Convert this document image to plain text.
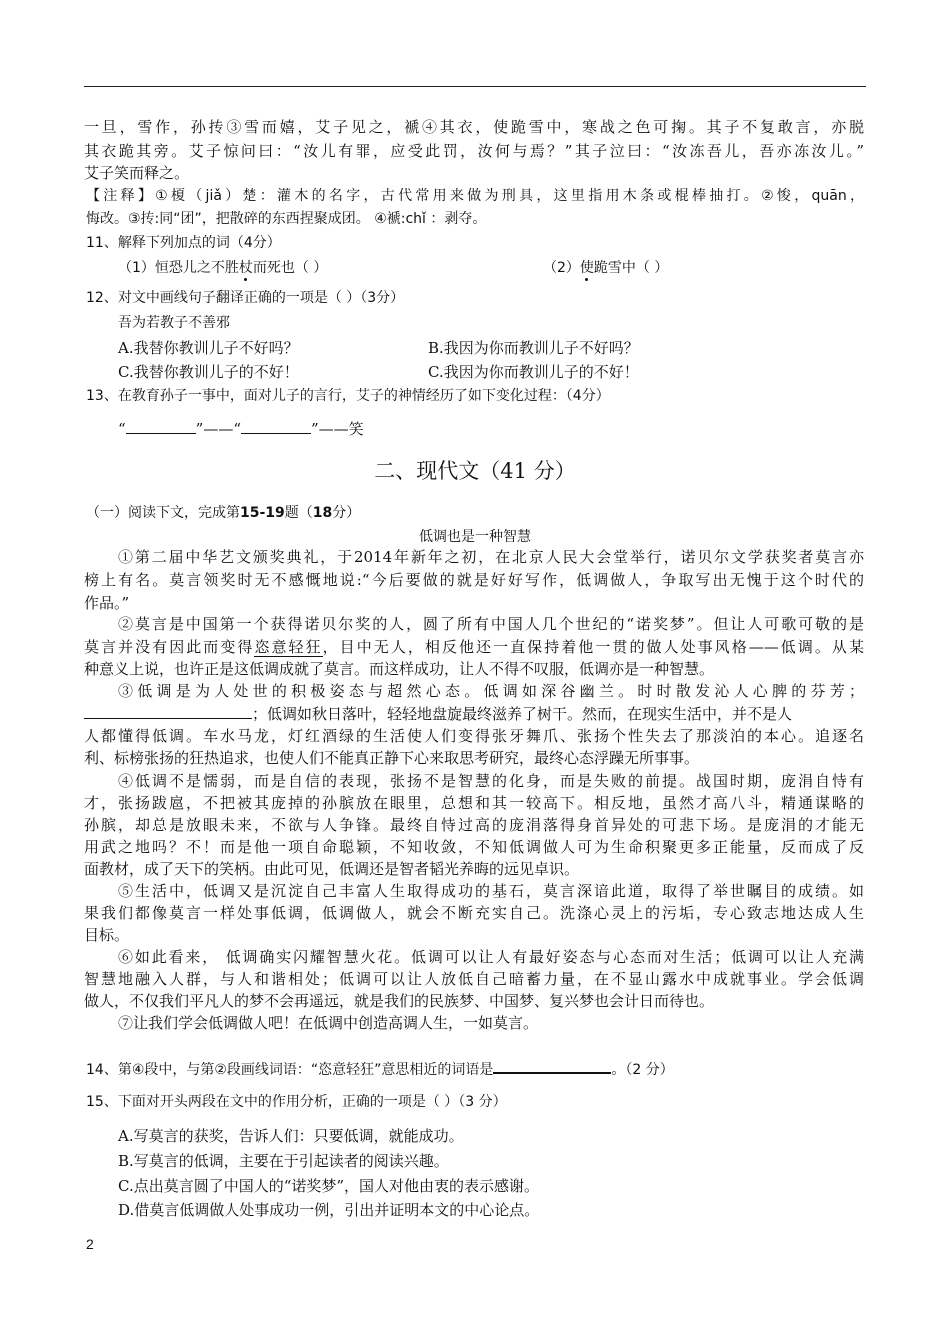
一旦，雪作，孙抟③雪而嬉，艾子见之，褫④其衣，使跪雪中，寒战之色可掬。其子不复敢言，亦脱
其衣跪其旁。艾子惊问曰：“汝儿有罪，应受此罚，汝何与焉？”其子泣曰：“汝冻吾儿，吾亦冻汝儿。”
艾子笑而释之。
【注释】①榎（jiǎ）楚：灌木的名字，古代常用来做为刑具，这里指用木条或棍棒抽打。②悛，quān，
悔改。③抟:同“团”，把散碎的东西捏聚成团。 ④褫:chǐ ：剥夺。
11、解释下列加点的词（4分）
（1）恒恐儿之不胜杖而死也（ ）	（2）使跪雪中（ ）
12、对文中画线句子翻译正确的一项是（ ）（3分）
吾为若教子不善邪
A.我替你教训儿子不好吗？	B.我因为你而教训儿子不好吗？
C.我替你教训儿子的不好！	C.我因为你而教训儿子的不好！
13、在教育孙子一事中，面对儿子的言行，艾子的神情经历了如下变化过程：（4分）
“	”——“	”——笑
二、现代文（41 分）
（一）阅读下文，完成第15-19题（18分）
低调也是一种智慧
①第二届中华艺文颁奖典礼，于2014年新年之初，在北京人民大会堂举行，诺贝尔文学获奖者莫言亦
榜上有名。莫言领奖时无不感慨地说:“今后要做的就是好好写作，低调做人，争取写出无愧于这个时代的
作品。”
②莫言是中国第一个获得诺贝尔奖的人，圆了所有中国人几个世纪的“诺奖梦”。但让人可歌可敬的是
莫言并没有因此而变得恣意轻狂，目中无人，相反他还一直保持着他一贯的做人处事风格——低调。从某
种意义上说，也许正是这低调成就了莫言。而这样成功，让人不得不叹服，低调亦是一种智慧。
③低调是为人处世的积极姿态与超然心态。低调如深谷幽兰。时时散发沁人心脾的芬芳；
；低调如秋日落叶，轻轻地盘旋最终滋养了树干。然而，在现实生活中，并不是人
人都懂得低调。车水马龙，灯红酒绿的生活使人们变得张牙舞爪、张扬个性失去了那淡泊的本心。追逐名
利、标榜张扬的狂热追求，也使人们不能真正静下心来取思考研究，最终心态浮躁无所事事。
④低调不是懦弱，而是自信的表现，张扬不是智慧的化身，而是失败的前提。战国时期，庞涓自恃有
才，张扬跋扈，不把被其庞掉的孙膑放在眼里，总想和其一较高下。相反地，虽然才高八斗，精通谋略的
孙膑，却总是放眼未来，不欲与人争锋。最终自恃过高的庞涓落得身首异处的可悲下场。是庞涓的才能无
用武之地吗？不！而是他一项自命聪颖，不知收敛，不知低调做人可为生命积聚更多正能量，反而成了反
面教材，成了天下的笑柄。由此可见，低调还是智者韬光养晦的远见卓识。
⑤生活中，低调又是沉淀自己丰富人生取得成功的基石，莫言深谙此道，取得了举世瞩目的成绩。如
果我们都像莫言一样处事低调，低调做人，就会不断充实自己。洗涤心灵上的污垢，专心致志地达成人生
目标。
⑥如此看来， 低调确实闪耀智慧火花。低调可以让人有最好姿态与心态而对生活；低调可以让人充满
智慧地融入人群，与人和谐相处；低调可以让人放低自己暗蓄力量，在不显山露水中成就事业。学会低调
做人，不仅我们平凡人的梦不会再遥远，就是我们的民族梦、中国梦、复兴梦也会计日而待也。
⑦让我们学会低调做人吧！在低调中创造高调人生，一如莫言。
14、第④段中，与第②段画线词语：“恣意轻狂”意思相近的词语是	。（2 分）
15、下面对开头两段在文中的作用分析，正确的一项是（ ）（3 分）
A.写莫言的获奖，告诉人们：只要低调，就能成功。
B.写莫言的低调，主要在于引起读者的阅读兴趣。
C.点出莫言圆了中国人的“诺奖梦”，国人对他由衷的表示感谢。
D.借莫言低调做人处事成功一例，引出并证明本文的中心论点。
2
